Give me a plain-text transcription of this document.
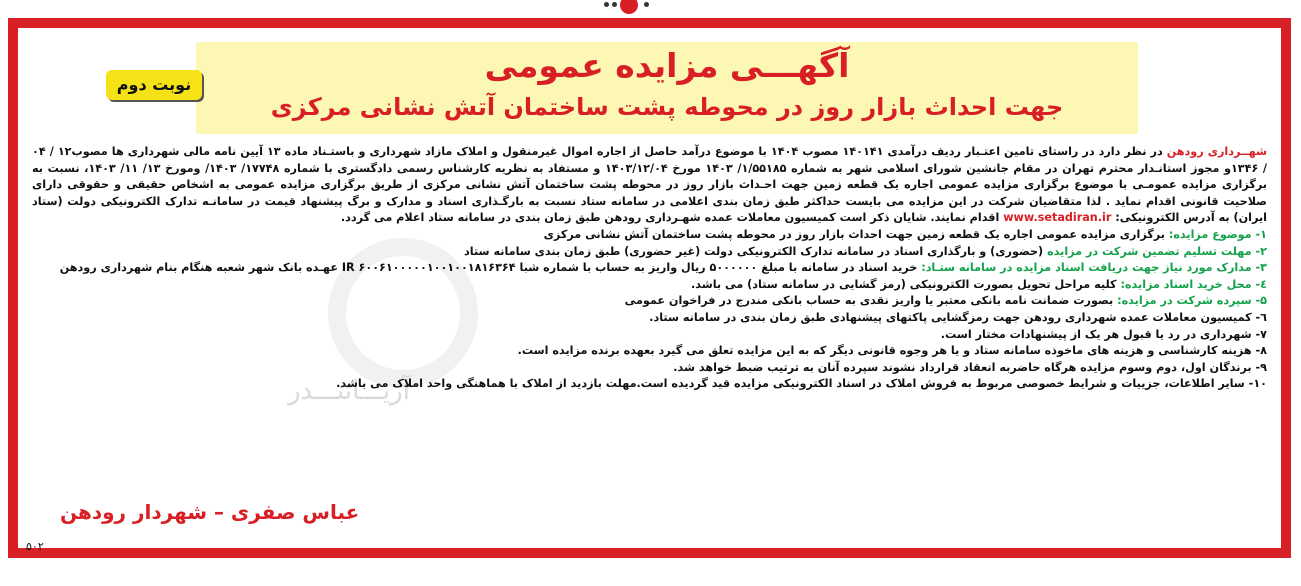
آریـــاتنـــدر
آگهـــی مزایده عمومی
جهت احداث بازار روز در محوطه پشت ساختمان آتش نشانی مرکزی
نوبت دوم

شهــرداری رودهن در نظر دارد در راستای تامین اعتـبار ردیف درآمدی ۱۴۰۱۴۱ مصوب ۱۴۰۴ با موضوع درآمد حاصل از اجاره اموال غیرمنقول و املاک مازاد شهرداری و باستـناد ماده ۱۳ آیین نامه مالی شهرداری ها مصوب۱۲ / ۰۴ / ۱۳۴۶و مجوز استانـدار محترم تهران در مقام جانشین شورای اسلامی شهر به شماره ۱/۵۵۱۸۵/ ۱۴۰۳ مورخ ۱۴۰۳/۱۲/۰۴ و مستفاد به نظریه کارشناس رسمی دادگستری با شماره ۱۷۷۴۸/ ۱۴۰۳/ ومورخ ۱۳/ ۱۱/ ۱۴۰۳، نسبت به برگزاری مزایده عمومـی با موضوع برگزاری مزایده عمومی اجاره یک قطعه زمین جهت احـداث بازار روز در محوطه پشت ساختمان آتش نشانی مرکزی از طریق برگزاری مزایده عمومی به اشخاص حقیقی و حقوقی دارای صلاحیت قانونی اقدام نماید . لذا متقاضیان شرکت در این مزایده می بایست حداکثر طبق زمان بندی اعلامی در سامانه ستاد نسبت به بارگـذاری اسناد و مدارک و برگ پیشنهاد قیمت در سامانـه تدارک الکترونیکی دولت (ستاد ایران) به آدرس الکترونیکی: www.setadiran.ir اقدام نمایند. شایان ذکر است کمیسیون معاملات عمده شهـرداری رودهن طبق زمان بندی در سامانه ستاد اعلام می گردد.

۱- موضوع مزایده: برگزاری مزایده عمومی اجاره یک قطعه زمین جهت احداث بازار روز در محوطه پشت ساختمان آتش نشانی مرکزی

۲- مهلت تسلیم تضمین شرکت در مزایده (حضوری) و بارگذاری اسناد در سامانه تدارک الکترونیکی دولت (غیر حضوری) طبق زمان بندی سامانه ستاد

۳- مدارک مورد نیاز جهت دریافت اسناد مزایده در سامانه ستـاد: خرید اسناد در سامانه با مبلغ ۵۰۰۰۰۰۰ ریال واریز به حساب با شماره شبا IR ۶۰۰۶۱۰۰۰۰۰۱۰۰۱۰۰۱۸۱۶۳۶۴ عهـده بانک شهر شعبه هنگام بنام شهرداری رودهن

٤- محل خرید اسناد مزایده: کلیه مراحل تحویل بصورت الکترونیکی (رمز گشایی در سامانه ستاد) می باشد.

۵- سپرده شرکت در مزایده: بصورت ضمانت نامه بانکی معتبر یا واریز نقدی به حساب بانکی مندرج در فراخوان عمومی

٦- کمیسیون معاملات عمده شهرداری رودهن جهت رمزگشایی پاکتهای پیشنهادی طبق زمان بندی در سامانه ستاد.

۷- شهرداری در رد یا قبول هر یک از پیشنهادات مختار است.

۸- هزینه کارشناسی و هزینه های ماخوذه سامانه ستاد و یا هر وجوه قانونی دیگر که به این مزایده تعلق می گیرد بعهده برنده مزایده است.

۹- برندگان اول، دوم وسوم مزایده هرگاه حاضربه انعقاد قرارداد نشوند سپرده آنان به ترتیب ضبط خواهد شد.

۱۰- سایر اطلاعات، جزییات و شرایط خصوصی مربوط به فروش املاک در اسناد الکترونیکی مزایده قید گردیده است.مهلت بازدید از املاک با هماهنگی واحد املاک می باشد.

عباس صفری – شهردار رودهن
۵۰۲
